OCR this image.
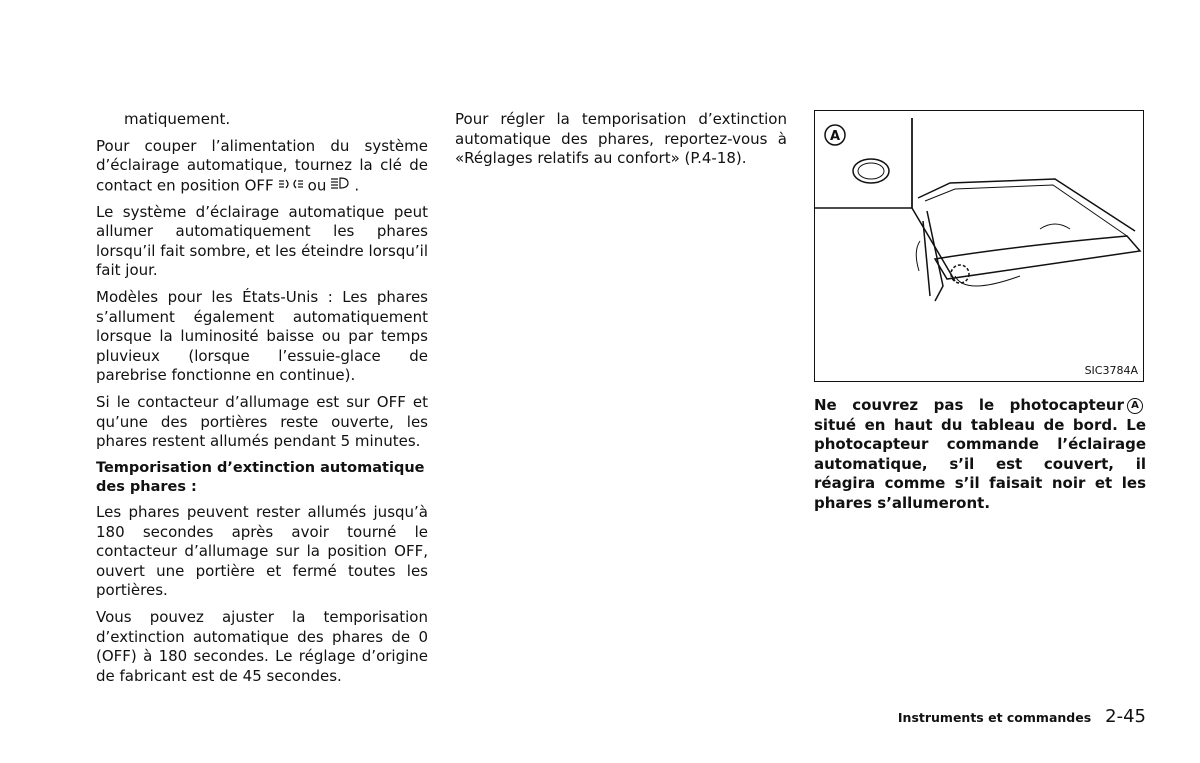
matiquement.

Pour couper l’alimentation du système d’éclairage automatique, tournez la clé de contact en position OFF ou .

Le système d’éclairage automatique peut allumer automatiquement les phares lorsqu’il fait sombre, et les éteindre lorsqu’il fait jour.

Modèles pour les États-Unis : Les phares s’allument également automatiquement lorsque la luminosité baisse ou par temps pluvieux (lorsque l’essuie-glace de parebrise fonctionne en continue).

Si le contacteur d’allumage est sur OFF et qu’une des portières reste ouverte, les phares restent allumés pendant 5 minutes.

Temporisation d’extinction automatique des phares :

Les phares peuvent rester allumés jusqu’à 180 secondes après avoir tourné le contacteur d’allumage sur la position OFF, ouvert une portière et fermé toutes les portières.

Vous pouvez ajuster la temporisation d’extinction automatique des phares de 0 (OFF) à 180 secondes. Le réglage d’origine de fabricant est de 45 secondes.

Pour régler la temporisation d’extinction automatique des phares, reportez-vous à «Réglages relatifs au confort» (P.4-18).

A
SIC3784A

Ne couvrez pas le photocapteur Asitué en haut du tableau de bord. Le photocapteur commande l’éclairage automatique, s’il est couvert, il réagira comme s’il faisait noir et les phares s’allumeront.

Instruments et commandes 2-45
